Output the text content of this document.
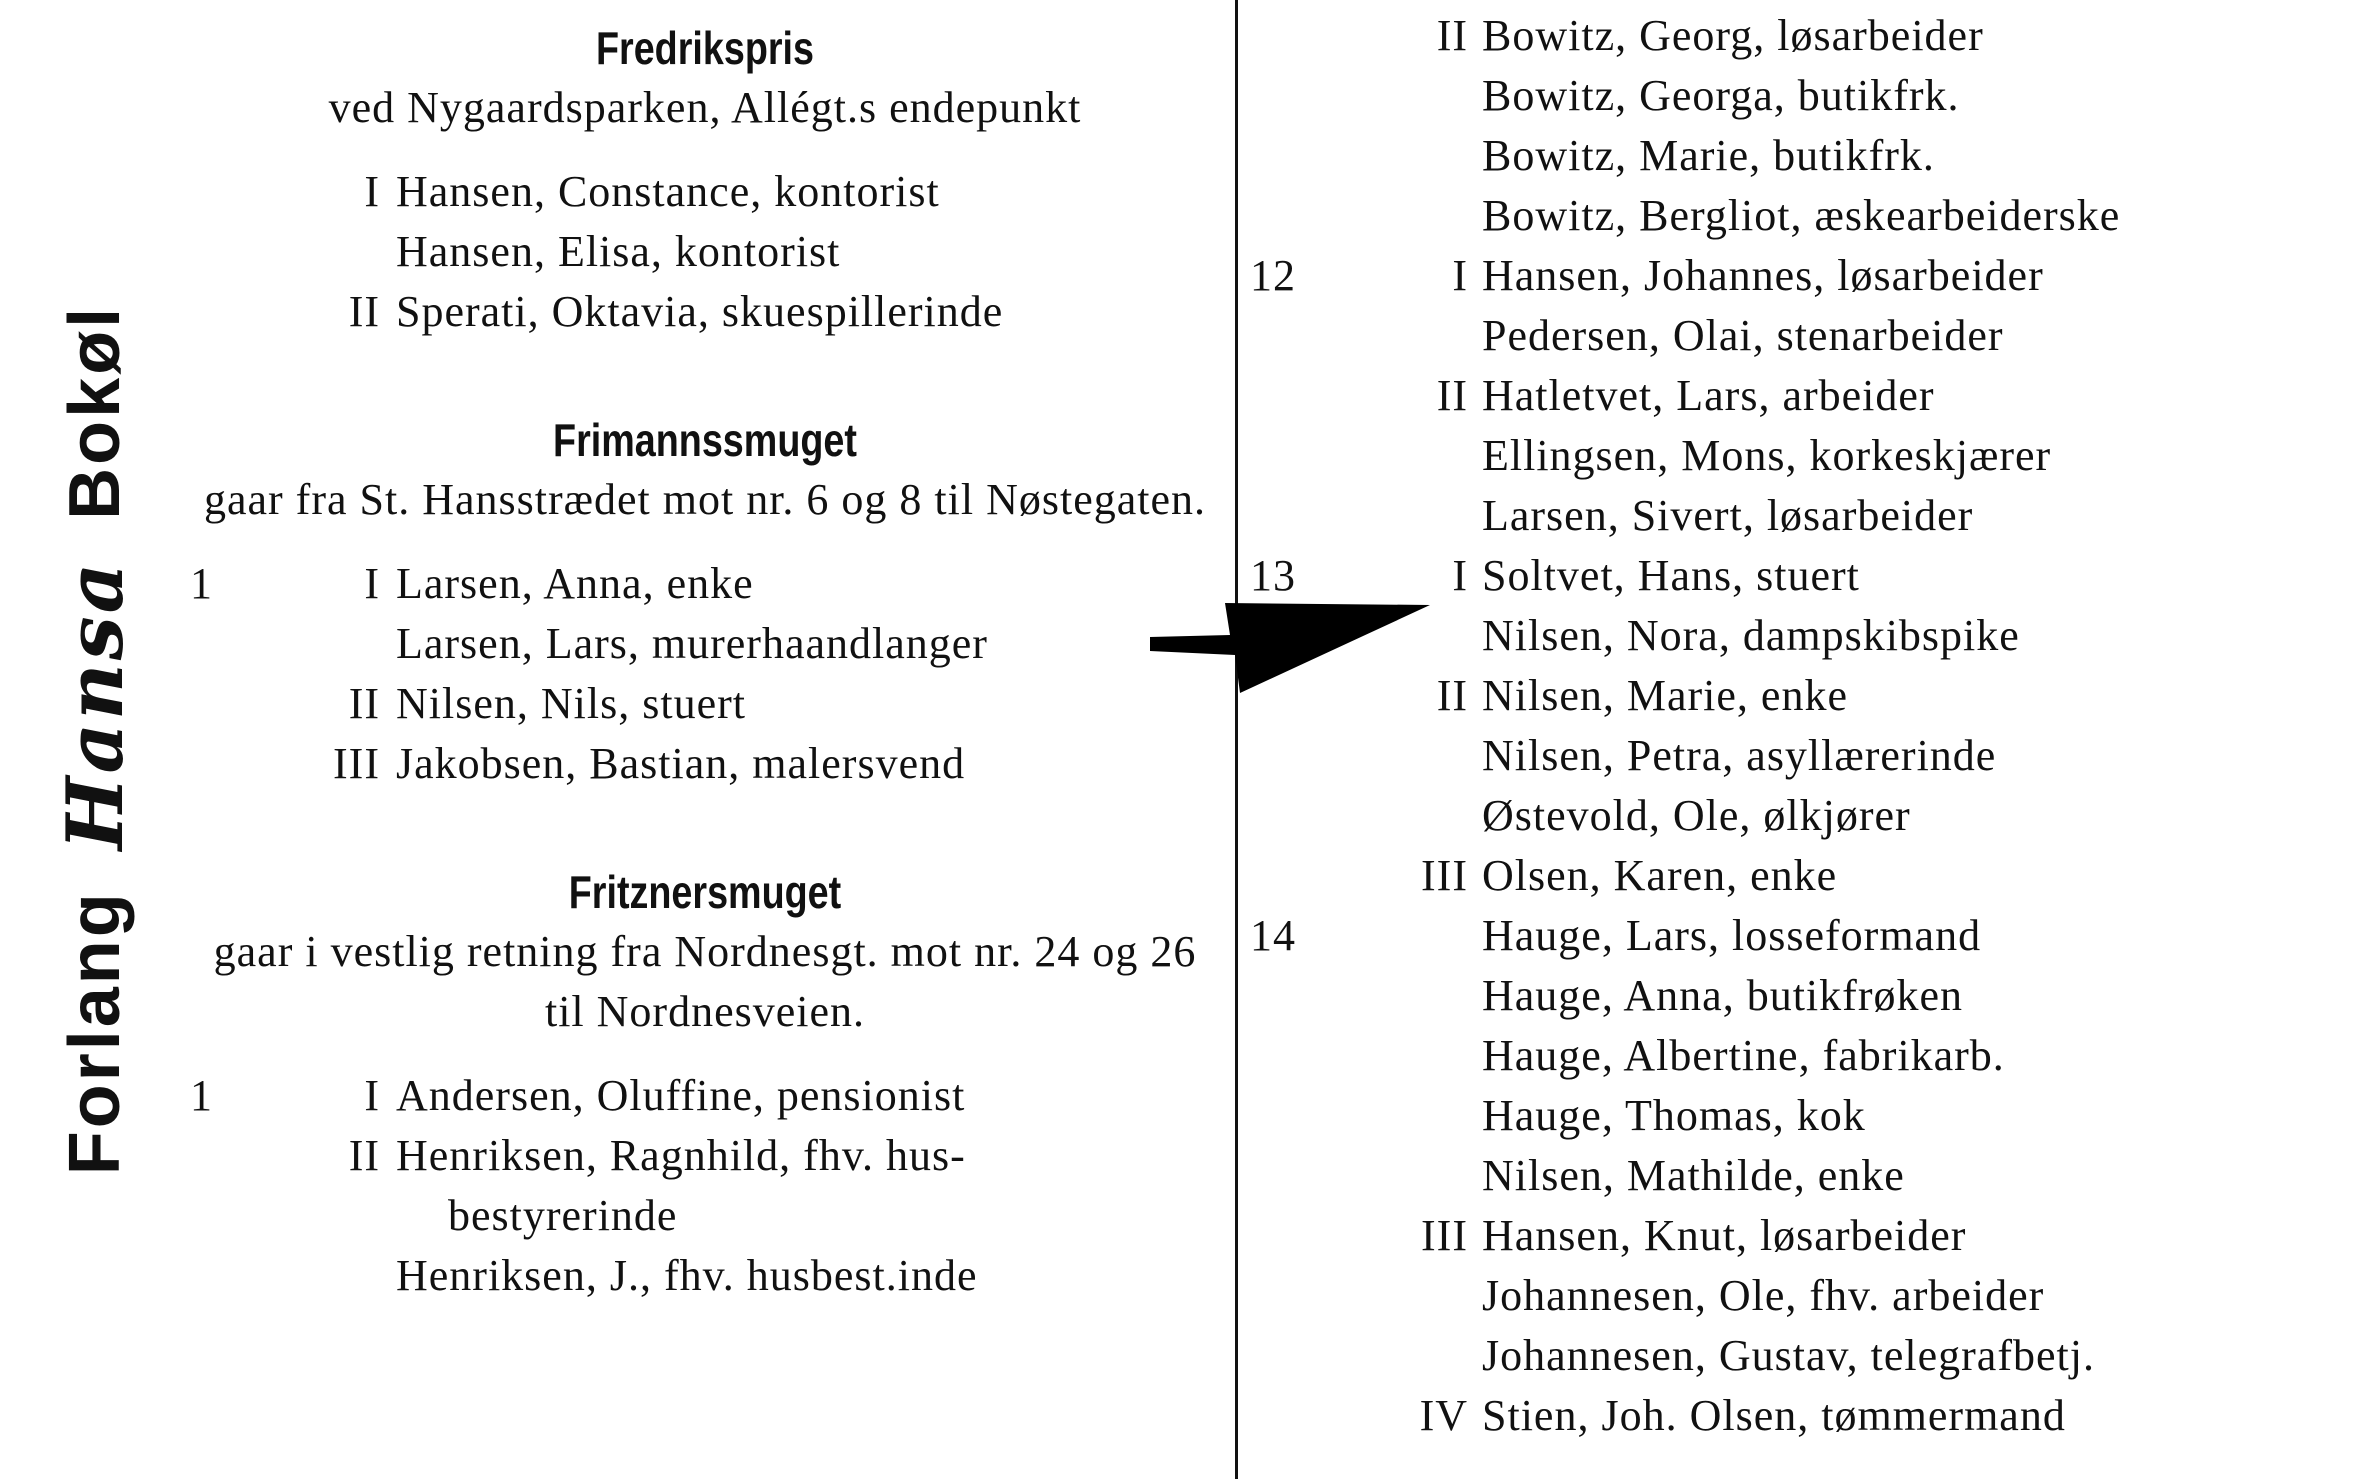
Forlang
Hansa
Bokøl

Fredrikspris

ved Nygaardsparken, Allégt.s endepunkt

I Hansen, Constance, kontorist
Hansen, Elisa, kontorist
II Sperati, Oktavia, skuespillerinde

Frimannssmuget

gaar fra St. Hansstrædet mot nr. 6 og 8 til Nøstegaten.

1	I Larsen, Anna, enke
Larsen, Lars, murerhaandlanger
II Nilsen, Nils, stuert
III Jakobsen, Bastian, malersvend

Fritznersmuget

gaar i vestlig retning fra Nordnesgt. mot nr. 24 og 26 til Nordnesveien.

1	I Andersen, Oluffine, pensionist
II Henriksen, Ragnhild, fhv. hus-
bestyrerinde
Henriksen, J., fhv. husbest.inde
II Bowitz, Georg, løsarbeider
Bowitz, Georga, butikfrk.
Bowitz, Marie, butikfrk.
Bowitz, Bergliot, æskearbeiderske
12	I Hansen, Johannes, løsarbeider
Pedersen, Olai, stenarbeider
II Hatletvet, Lars, arbeider
Ellingsen, Mons, korkeskjærer
Larsen, Sivert, løsarbeider
13	I Soltvet, Hans, stuert
Nilsen, Nora, dampskibspike
II Nilsen, Marie, enke
Nilsen, Petra, asyllærerinde
Østevold, Ole, ølkjører
III Olsen, Karen, enke
14	Hauge, Lars, losseformand
Hauge, Anna, butikfrøken
Hauge, Albertine, fabrikarb.
Hauge, Thomas, kok
Nilsen, Mathilde, enke
III Hansen, Knut, løsarbeider
Johannesen, Ole, fhv. arbeider
Johannesen, Gustav, telegrafbetj.
IV Stien, Joh. Olsen, tømmermand
